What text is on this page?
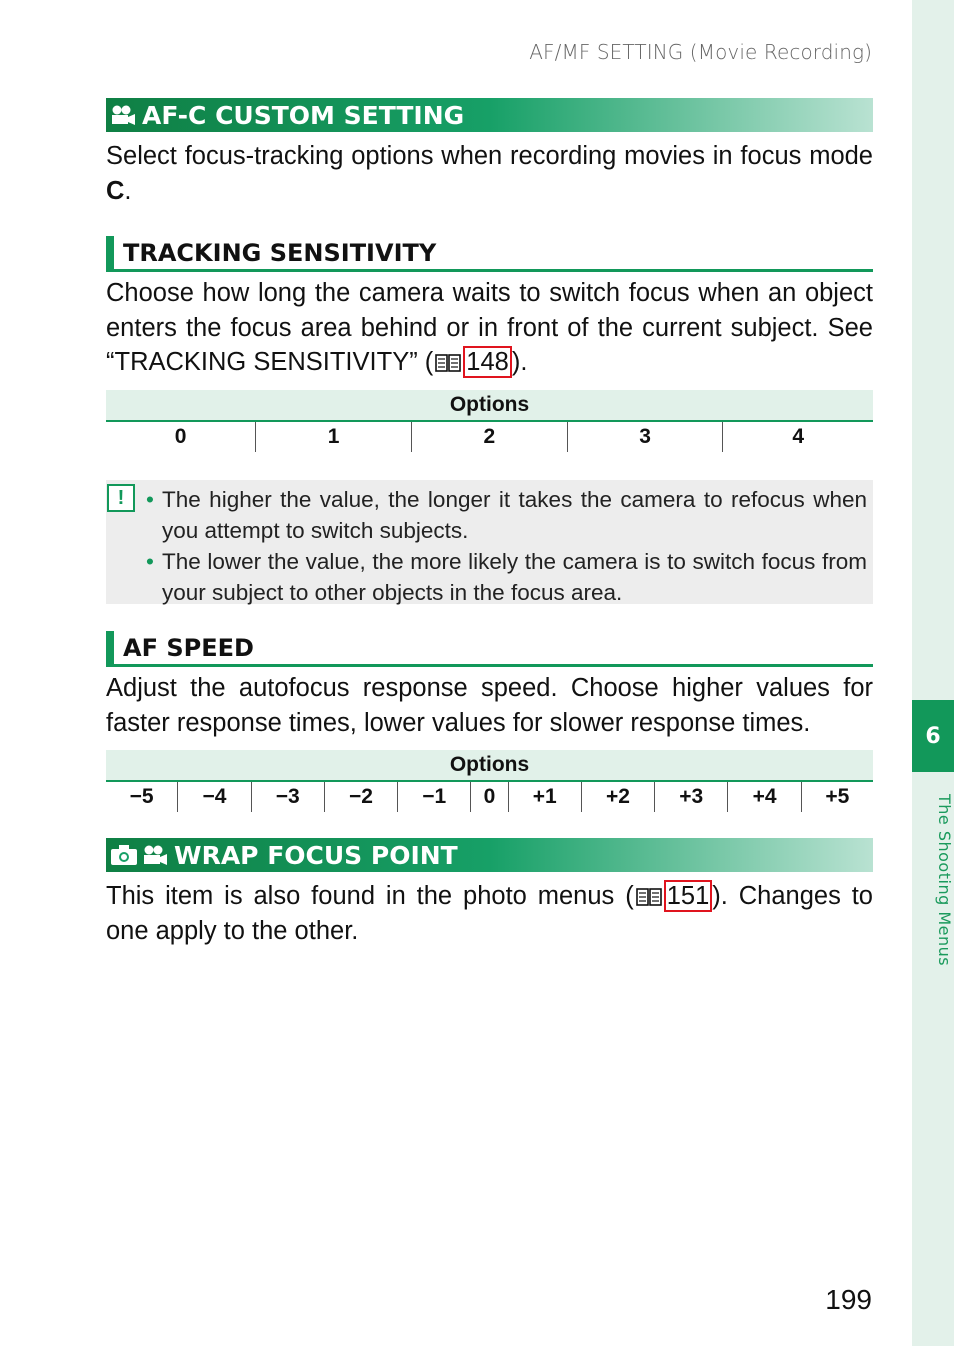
AF/MF SETTING (Movie Recording)
6
The Shooting Menus
AF-C CUSTOM SETTING
Select focus-tracking options when recording movies in focus mode C.
TRACKING SENSITIVITY
Choose how long the camera waits to switch focus when an object enters the focus area behind or in front of the current subject. See “TRACKING SENSITIVITY” ( 148 ).
Options
0	1	2	3	4
! • The higher the value, the longer it takes the camera to refocus when you attempt to switch subjects.
• The lower the value, the more likely the camera is to switch focus from your subject to other objects in the focus area.
AF SPEED
Adjust the autofocus response speed. Choose higher values for faster response times, lower values for slower response times.
Options
−5	−4	−3	−2	−1	0	+1	+2	+3	+4	+5
WRAP FOCUS POINT
This item is also found in the photo menus ( 151 ). Changes to one apply to the other.
199
